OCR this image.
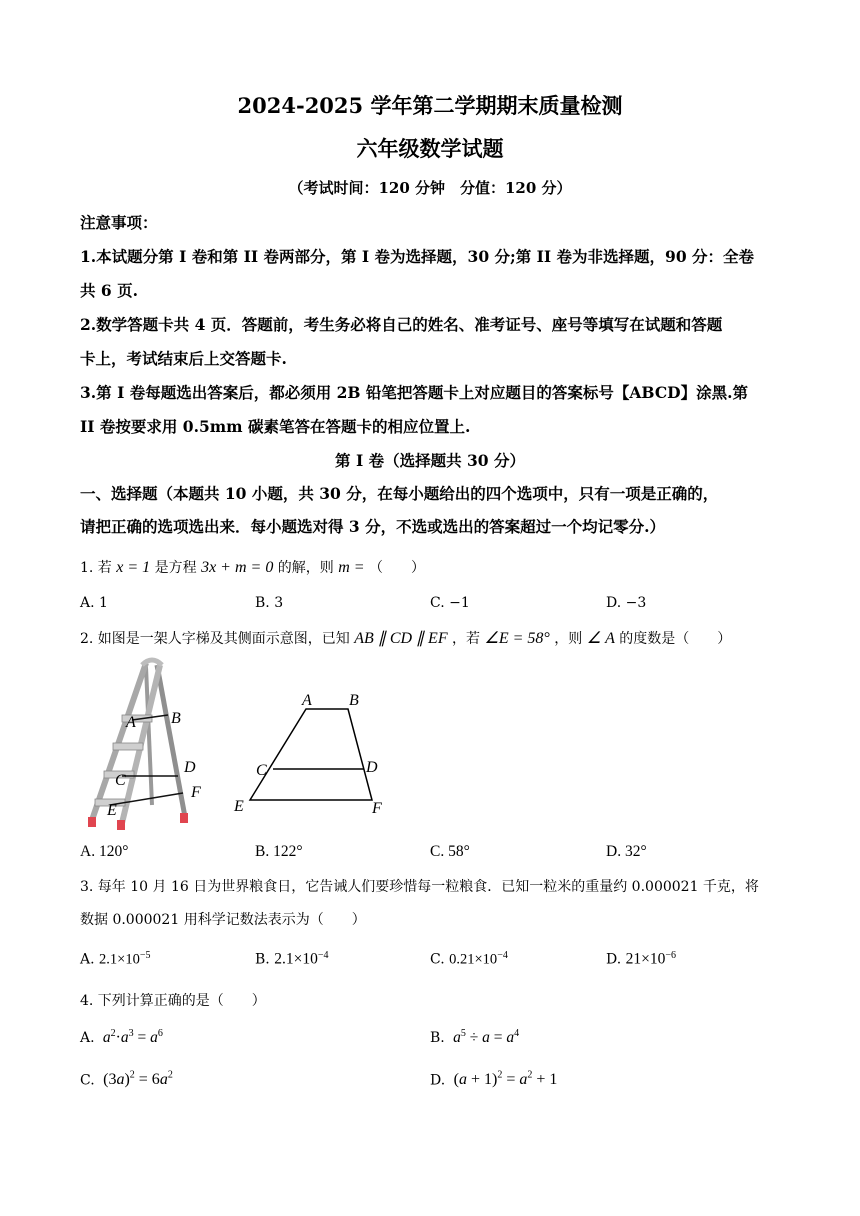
2024-2025 学年第二学期期末质量检测
六年级数学试题
（考试时间：120 分钟　分值：120 分）
注意事项：
1.本试题分第 I 卷和第 II 卷两部分，第 I 卷为选择题，30 分;第 II 卷为非选择题，90 分：全卷
共 6 页.
2.数学答题卡共 4 页．答题前，考生务必将自己的姓名、准考证号、座号等填写在试题和答题
卡上，考试结束后上交答题卡.
3.第 I 卷每题选出答案后，都必须用 2B 铅笔把答题卡上对应题目的答案标号【ABCD】涂黑.第
II 卷按要求用 0.5mm 碳素笔答在答题卡的相应位置上.
第 I 卷（选择题共 30 分）
一、选择题（本题共 10 小题，共 30 分，在每小题给出的四个选项中，只有一项是正确的，
请把正确的选项选出来．每小题选对得 3 分，不选或选出的答案超过一个均记零分.）
1. 若 x = 1 是方程 3x + m = 0 的解，则 m = （　　）
A. 1	B. 3	C. −1	D. −3
2. 如图是一架人字梯及其侧面示意图，已知 AB ∥ CD ∥ EF ，若 ∠E = 58° ，则 ∠ A 的度数是（　　）
A B
C
D
E
F
A B
C	D
E	F
A. 120°	B. 122°	C. 58°	D. 32°
3. 每年 10 月 16 日为世界粮食日，它告诫人们要珍惜每一粒粮食．已知一粒米的重量约 0.000021 千克，将
数据 0.000021 用科学记数法表示为（　　）
A. $2.1\times 10^{-5}$	B. $2.1\times 10^{-4}$	C. $0.21\times 10^{-4}$	D. $21\times 10^{-6}$
4. 下列计算正确的是（　　）
A. $a^2\cdot a^3 = a^6$	B. $a^5 \div a = a^4$
C.  $(3a)^2 = 6a^2$	D.  $(a + 1)^2 = a^2 + 1$
